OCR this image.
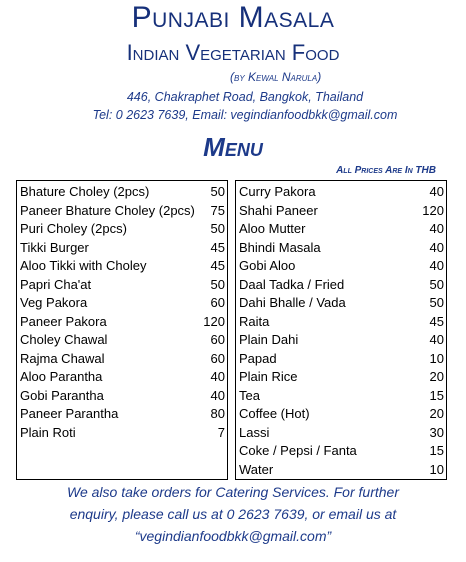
Punjabi Masala
Indian Vegetarian Food
(by Kewal Narula)
446, Chakraphet Road, Bangkok, Thailand
Tel: 0 2623 7639, Email: vegindianfoodbkk@gmail.com
Menu
All Prices Are In THB
Bhature Choley (2pcs)	50
Paneer Bhature Choley (2pcs) 75
Puri Choley (2pcs)	50
Tikki Burger	45
Aloo Tikki with Choley	45
Papri Cha'at	50
Veg Pakora	60
Paneer Pakora	120
Choley Chawal	60
Rajma Chawal	60
Aloo Parantha	40
Gobi Parantha	40
Paneer Parantha	80
Plain Roti	7
Curry Pakora	40
Shahi Paneer	120
Aloo Mutter	40
Bhindi Masala	40
Gobi Aloo	40
Daal Tadka / Fried	50
Dahi Bhalle / Vada	50
Raita	45
Plain Dahi	40
Papad	10
Plain Rice	20
Tea	15
Coffee (Hot)	20
Lassi	30
Coke / Pepsi / Fanta	15
Water	10
We also take orders for Catering Services. For further
enquiry, please call us at 0 2623 7639, or email us at
“vegindianfoodbkk@gmail.com”
